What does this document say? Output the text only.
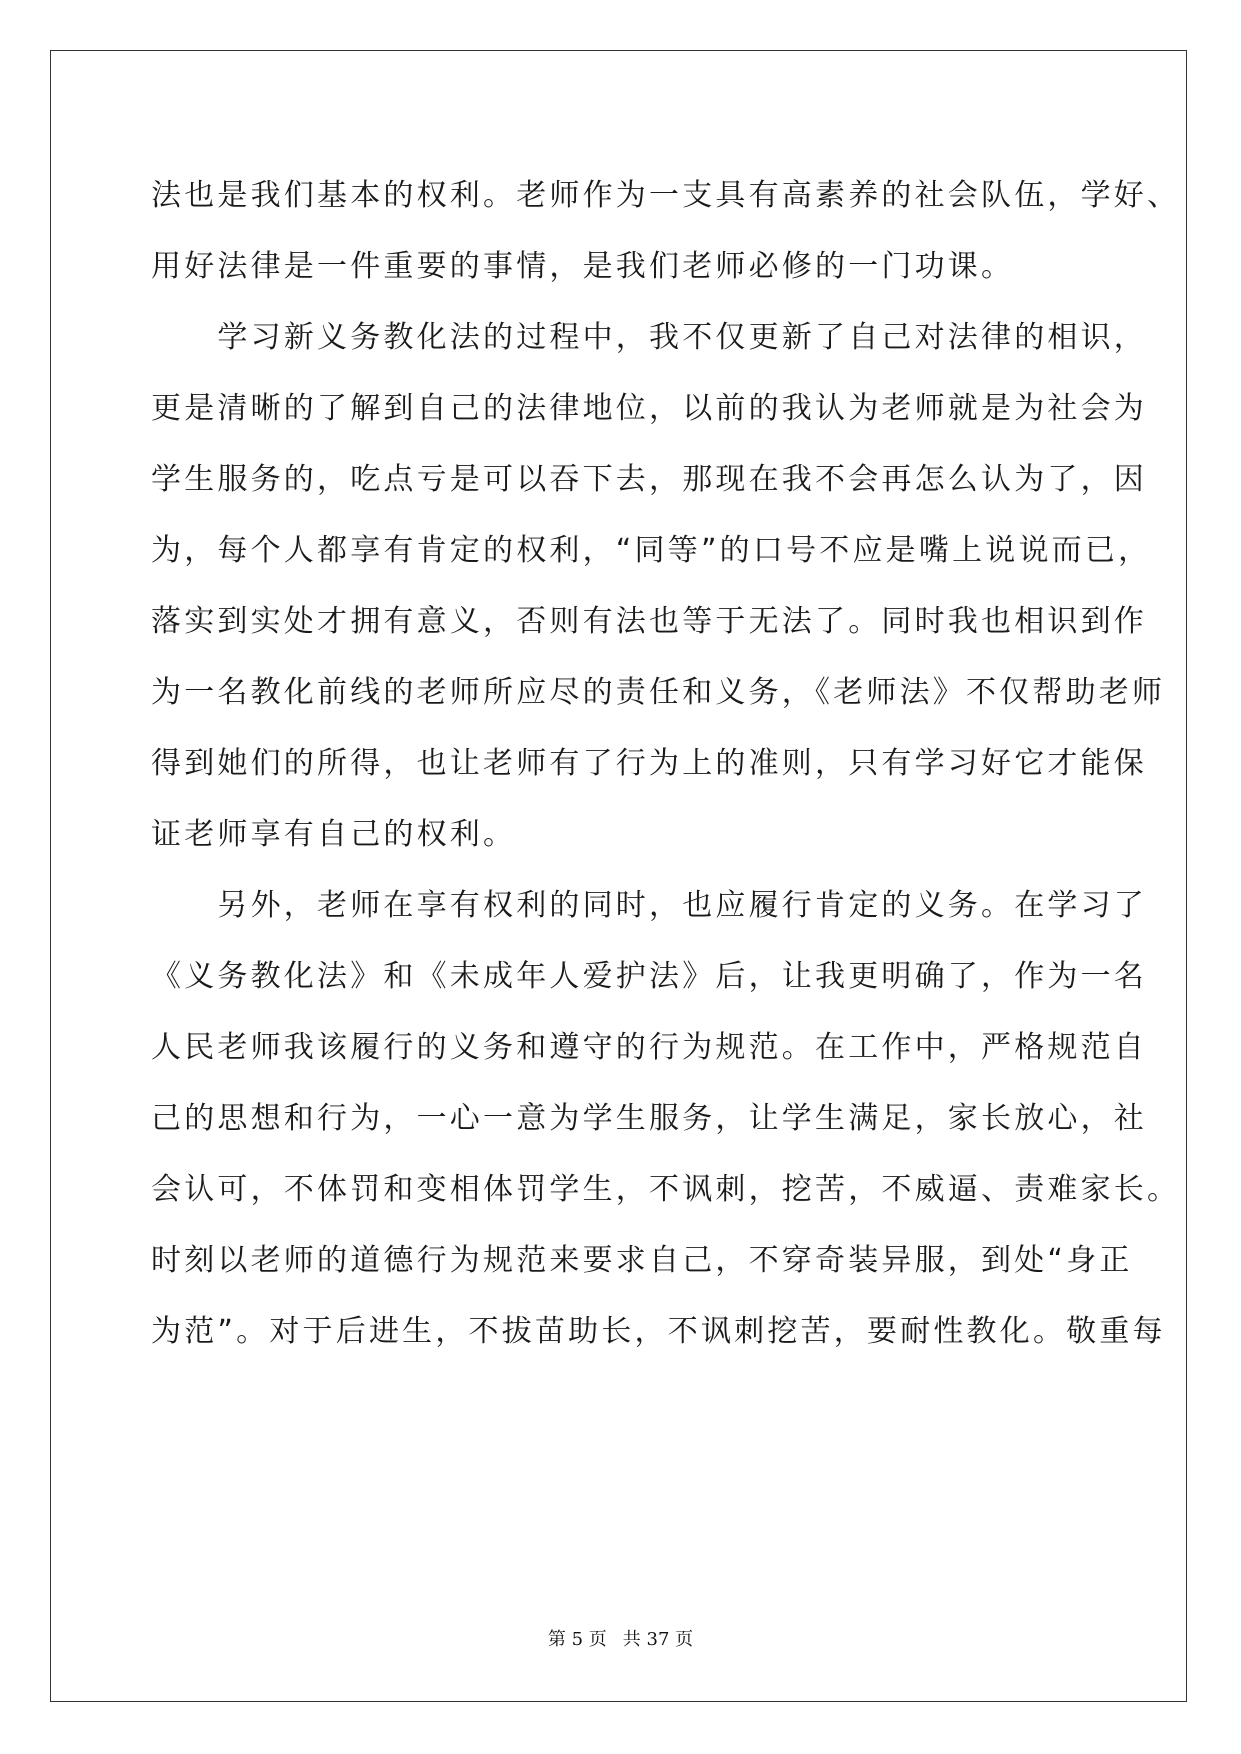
法也是我们基本的权利。老师作为一支具有高素养的社会队伍，学好、
用好法律是一件重要的事情，是我们老师必修的一门功课。
　　学习新义务教化法的过程中，我不仅更新了自己对法律的相识，
更是清晰的了解到自己的法律地位，以前的我认为老师就是为社会为
学生服务的，吃点亏是可以吞下去，那现在我不会再怎么认为了，因
为，每个人都享有肯定的权利，“同等”的口号不应是嘴上说说而已，
落实到实处才拥有意义，否则有法也等于无法了。同时我也相识到作
为一名教化前线的老师所应尽的责任和义务，《老师法》不仅帮助老师
得到她们的所得，也让老师有了行为上的准则，只有学习好它才能保
证老师享有自己的权利。
　　另外，老师在享有权利的同时，也应履行肯定的义务。在学习了
《义务教化法》和《未成年人爱护法》后，让我更明确了，作为一名
人民老师我该履行的义务和遵守的行为规范。在工作中，严格规范自
己的思想和行为，一心一意为学生服务，让学生满足，家长放心，社
会认可，不体罚和变相体罚学生，不讽刺，挖苦，不威逼、责难家长。
时刻以老师的道德行为规范来要求自己，不穿奇装异服，到处“身正
为范”。对于后进生，不拔苗助长，不讽刺挖苦，要耐性教化。敬重每
第 5 页 共 37 页
